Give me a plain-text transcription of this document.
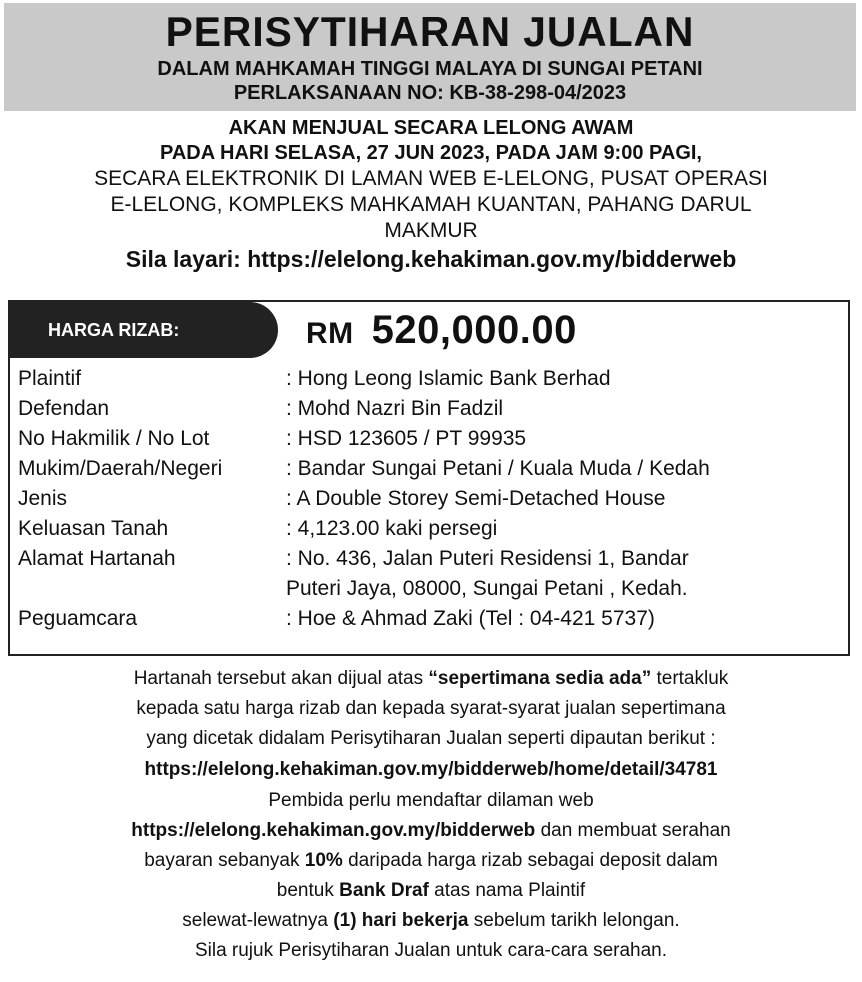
PERISYTIHARAN JUALAN
DALAM MAHKAMAH TINGGI MALAYA DI SUNGAI PETANI
PERLAKSANAAN NO: KB-38-298-04/2023
AKAN MENJUAL SECARA LELONG AWAM
PADA HARI SELASA, 27 JUN 2023, PADA JAM 9:00 PAGI,
SECARA ELEKTRONIK DI LAMAN WEB E-LELONG, PUSAT OPERASI
E-LELONG, KOMPLEKS MAHKAMAH KUANTAN, PAHANG DARUL
MAKMUR
Sila layari: https://elelong.kehakiman.gov.my/bidderweb
HARGA RIZAB:	RM 520,000.00
Plaintif	: Hong Leong Islamic Bank Berhad
Defendan	: Mohd Nazri Bin Fadzil
No Hakmilik / No Lot	: HSD 123605 / PT 99935
Mukim/Daerah/Negeri	: Bandar Sungai Petani / Kuala Muda / Kedah
Jenis	: A Double Storey Semi-Detached House
Keluasan Tanah	: 4,123.00 kaki persegi
Alamat Hartanah	: No. 436, Jalan Puteri Residensi 1, Bandar
Puteri Jaya, 08000, Sungai Petani , Kedah.
Peguamcara	: Hoe & Ahmad Zaki (Tel : 04-421 5737)
Hartanah tersebut akan dijual atas “sepertimana sedia ada” tertakluk
kepada satu harga rizab dan kepada syarat-syarat jualan sepertimana
yang dicetak didalam Perisytiharan Jualan seperti dipautan berikut :
https://elelong.kehakiman.gov.my/bidderweb/home/detail/34781
Pembida perlu mendaftar dilaman web
https://elelong.kehakiman.gov.my/bidderweb dan membuat serahan
bayaran sebanyak 10% daripada harga rizab sebagai deposit dalam
bentuk Bank Draf atas nama Plaintif
selewat-lewatnya (1) hari bekerja sebelum tarikh lelongan.
Sila rujuk Perisytiharan Jualan untuk cara-cara serahan.
